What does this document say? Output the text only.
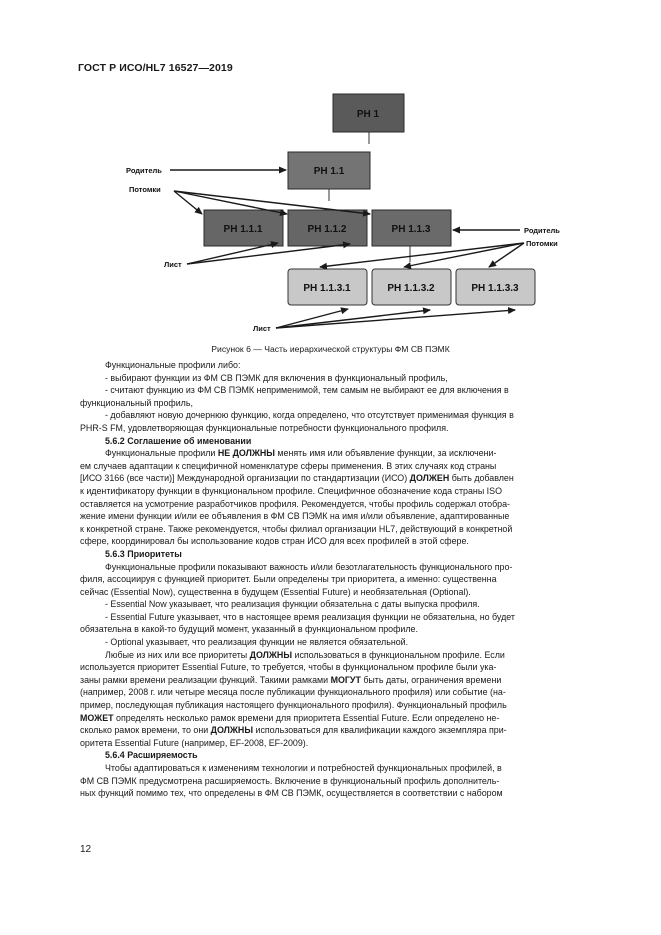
ГОСТ Р ИСО/HL7 16527—2019
PH 1
PH 1.1
PH 1.1.1	PH 1.1.2	PH 1.1.3
PH 1.1.3.1	PH 1.1.3.2	PH 1.1.3.3
Родитель
Потомки
Лист
Родитель
Потомки
Лист
Рисунок 6 — Часть иерархической структуры ФМ СВ ПЭМК

Функциональные профили либо:

- выбирают функции из ФМ СВ ПЭМК для включения в функциональный профиль,

- считают функцию из ФМ СВ ПЭМК неприменимой, тем самым не выбирают ее для включения в

функциональный профиль,

- добавляют новую дочернюю функцию, когда определено, что отсутствует применимая функция в

PHR-S FM, удовлетворяющая функциональные потребности функционального профиля.

5.6.2 Соглашение об именовании

Функциональные профили НЕ ДОЛЖНЫ менять имя или объявление функции, за исключени-

ем случаев адаптации к специфичной номенклатуре сферы применения. В этих случаях код страны

[ИСО 3166 (все части)] Международной организации по стандартизации (ИСО) ДОЛЖЕН быть добавлен

к идентификатору функции в функциональном профиле. Специфичное обозначение кода страны ISO

оставляется на усмотрение разработчиков профиля. Рекомендуется, чтобы профиль содержал отобра-

жение имени функции и/или ее объявления в ФМ СВ ПЭМК на имя и/или объявление, адаптированные

к конкретной стране. Также рекомендуется, чтобы филиал организации HL7, действующий в конкретной

сфере, координировал бы использование кодов стран ИСО для всех профилей в этой сфере.

5.6.3 Приоритеты

Функциональные профили показывают важность и/или безотлагательность функционального про-

филя, ассоциируя с функцией приоритет. Были определены три приоритета, а именно: существенна

сейчас (Essential Now), существенна в будущем (Essential Future) и необязательная (Optional).

- Essential Now указывает, что реализация функции обязательна с даты выпуска профиля.

- Essential Future указывает, что в настоящее время реализация функции не обязательна, но будет

обязательна в какой-то будущий момент, указанный в функциональном профиле.

- Optional указывает, что реализация функции не является обязательной.

Любые из них или все приоритеты ДОЛЖНЫ использоваться в функциональном профиле. Если

используется приоритет Essential Future, то требуется, чтобы в функциональном профиле были ука-

заны рамки времени реализации функций. Такими рамками МОГУТ быть даты, ограничения времени

(например, 2008 г. или четыре месяца после публикации функционального профиля) или событие (на-

пример, последующая публикация настоящего функционального профиля). Функциональный профиль

МОЖЕТ определять несколько рамок времени для приоритета Essential Future. Если определено не-

сколько рамок времени, то они ДОЛЖНЫ использоваться для квалификации каждого экземпляра при-

оритета Essential Future (например, EF-2008, EF-2009).

5.6.4 Расширяемость

Чтобы адаптироваться к изменениям технологии и потребностей функциональных профилей, в

ФМ СВ ПЭМК предусмотрена расширяемость. Включение в функциональный профиль дополнитель-

ных функций помимо тех, что определены в ФМ СВ ПЭМК, осуществляется в соответствии с набором

12
